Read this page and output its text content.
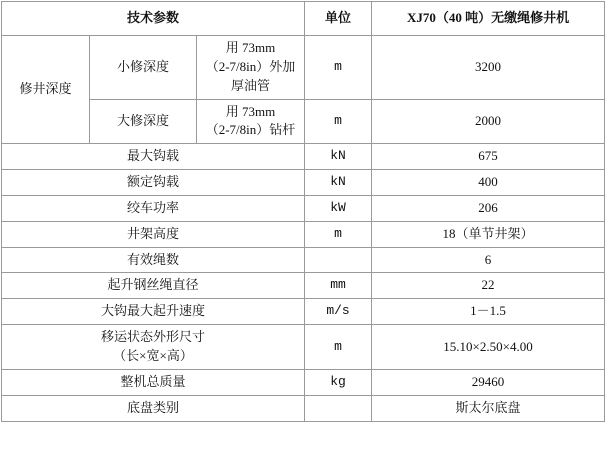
技术参数			单位	XJ70（40 吨）无缴绳修井机
修井深度	小修深度	用 73mm
（2-7/8in）外加
厚油管	m	3200
	大修深度	用 73mm
（2-7/8in）钻杆	m	2000
最大钩载			kN	675
额定钩载			kN	400
绞车功率			kW	206
井架高度			m	18（单节井架）
有效绳数				6
起升钢丝绳直径			mm	22
大钩最大起升速度			m/s	1－1.5

移运状态外形尺寸
（长×宽×高）			m	15.10×2.50×4.00
整机总质量			kg	29460
底盘类别				斯太尔底盘
